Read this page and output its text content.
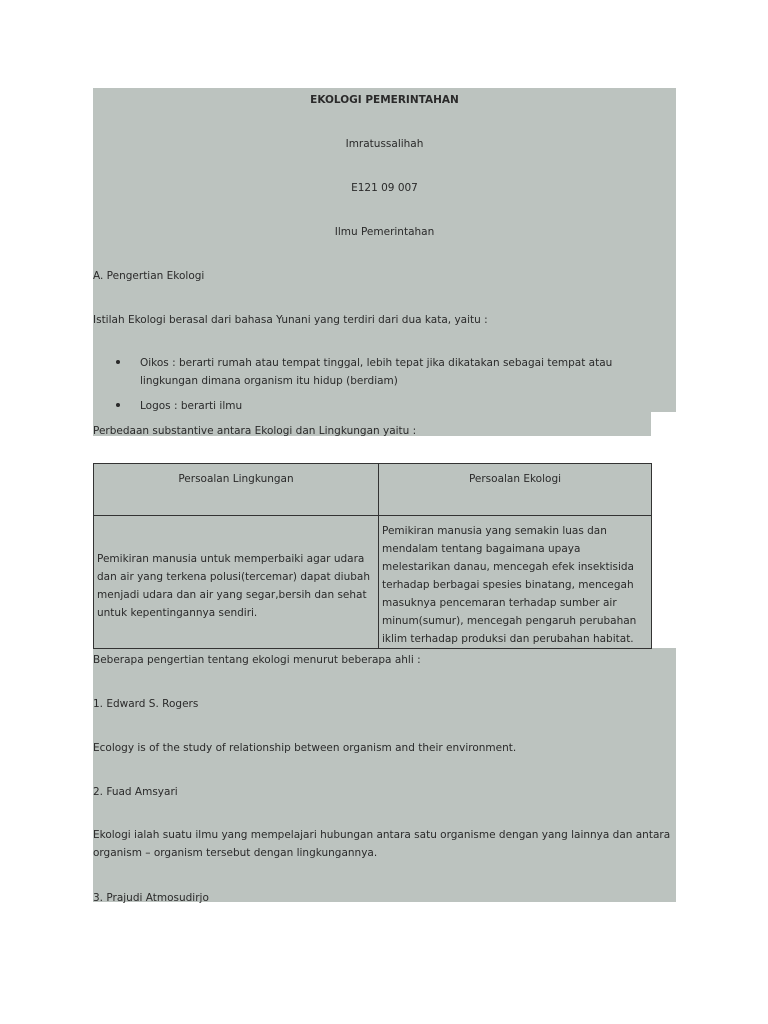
EKOLOGI PEMERINTAHAN
Imratussalihah
E121 09 007
Ilmu Pemerintahan
A. Pengertian Ekologi
Istilah Ekologi berasal dari bahasa Yunani yang terdiri dari dua kata, yaitu :
Oikos : berarti rumah atau tempat tinggal, lebih tepat jika dikatakan sebagai tempat atau lingkungan dimana organism itu hidup (berdiam)
Logos : berarti ilmu
Perbedaan substantive antara Ekologi dan Lingkungan yaitu :
Persoalan Lingkungan	Persoalan Ekologi

Pemikiran manusia untuk memperbaiki agar udara dan air yang terkena polusi(tercemar) dapat diubah menjadi udara dan air yang segar,bersih dan sehat untuk kepentingannya sendiri.	Pemikiran manusia yang semakin luas dan mendalam tentang bagaimana upaya melestarikan danau, mencegah efek insektisida terhadap berbagai spesies binatang, mencegah masuknya pencemaran terhadap sumber air minum(sumur), mencegah pengaruh perubahan iklim terhadap produksi dan perubahan habitat.
Beberapa pengertian tentang ekologi menurut beberapa ahli :
1. Edward S. Rogers
Ecology is of the study of relationship between organism and their environment.
2. Fuad Amsyari
Ekologi ialah suatu ilmu yang mempelajari hubungan antara satu organisme dengan yang lainnya dan antara organism – organism tersebut dengan lingkungannya.
3. Prajudi Atmosudirjo
